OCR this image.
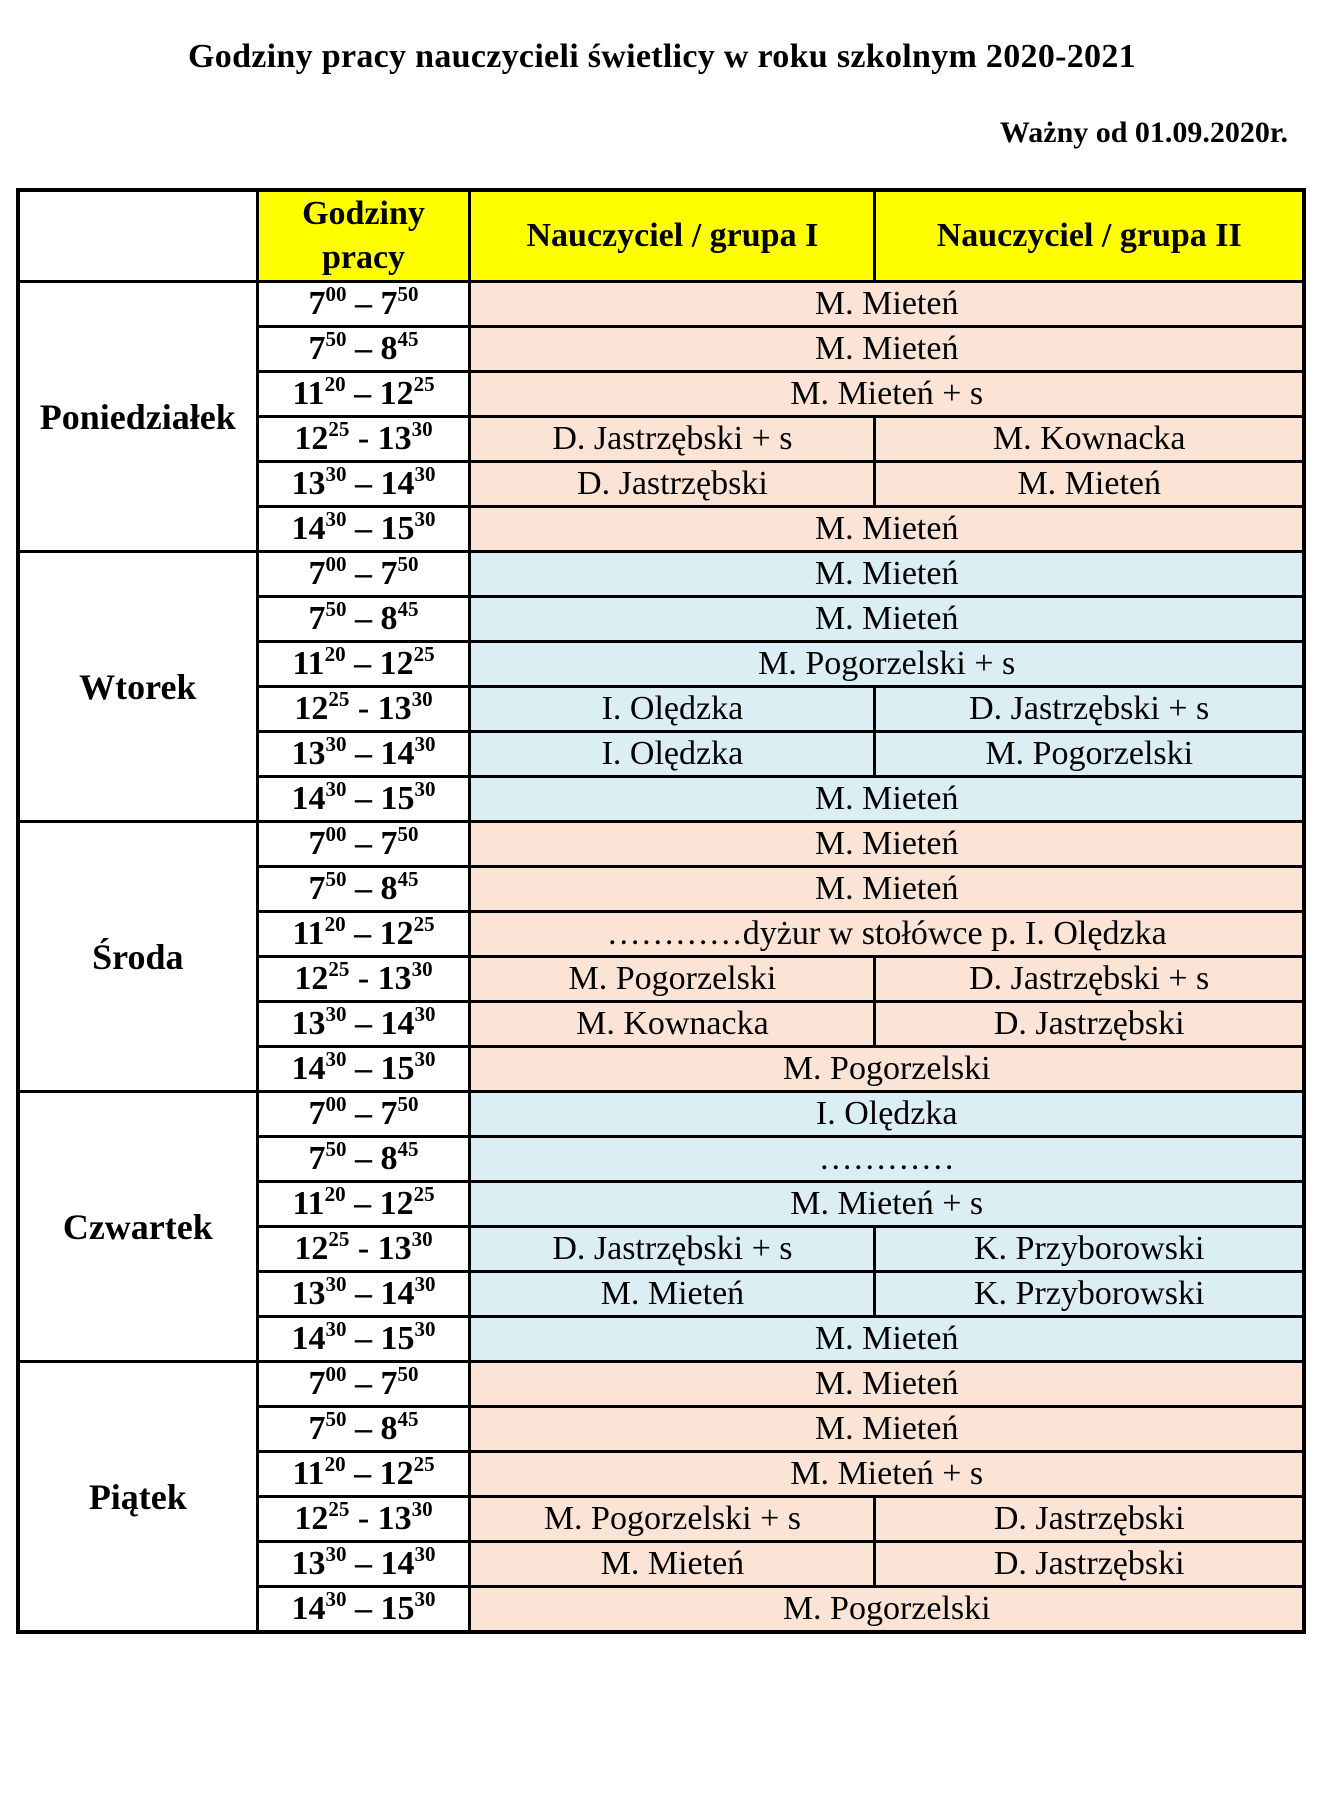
Godziny pracy nauczycieli świetlicy w roku szkolnym 2020-2021
Ważny od 01.09.2020r.
	Godziny pracy	Nauczyciel / grupa I	Nauczyciel / grupa II
Poniedziałek	$7^{00} - 7^{50}$	M. Mieteń	
	$7^{50} - 8^{45}$	M. Mieteń	
	$11^{20} - 12^{25}$	M. Mieteń + s	
	$12^{25} - 13^{30}$	D. Jastrzębski + s	M. Kownacka
	$13^{30} - 14^{30}$	D. Jastrzębski	M. Mieteń
	$14^{30} - 15^{30}$	M. Mieteń	
Wtorek	$7^{00} - 7^{50}$	M. Mieteń	
	$7^{50} - 8^{45}$	M. Mieteń	
	$11^{20} - 12^{25}$	M. Pogorzelski + s	
	$12^{25} - 13^{30}$	I. Olędzka	D. Jastrzębski + s
	$13^{30} - 14^{30}$	I. Olędzka	M. Pogorzelski
	$14^{30} - 15^{30}$	M. Mieteń	
Środa	$7^{00} - 7^{50}$	M. Mieteń	
	$7^{50} - 8^{45}$	M. Mieteń	
	$11^{20} - 12^{25}$	…………dyżur w stołówce p. I. Olędzka	
	$12^{25} - 13^{30}$	M. Pogorzelski	D. Jastrzębski + s
	$13^{30} - 14^{30}$	M. Kownacka	D. Jastrzębski
	$14^{30} - 15^{30}$	M. Pogorzelski	
Czwartek	$7^{00} - 7^{50}$	I. Olędzka	
	$7^{50} - 8^{45}$	…………	
	$11^{20} - 12^{25}$	M. Mieteń + s	
	$12^{25} - 13^{30}$	D. Jastrzębski + s	K. Przyborowski
	$13^{30} - 14^{30}$	M. Mieteń	K. Przyborowski
	$14^{30} - 15^{30}$	M. Mieteń	
Piątek	$7^{00} - 7^{50}$	M. Mieteń	
	$7^{50} - 8^{45}$	M. Mieteń	
	$11^{20} - 12^{25}$	M. Mieteń + s	
	$12^{25} - 13^{30}$	M. Pogorzelski + s	D. Jastrzębski
	$13^{30} - 14^{30}$	M. Mieteń	D. Jastrzębski
	$14^{30} - 15^{30}$	M. Pogorzelski	
